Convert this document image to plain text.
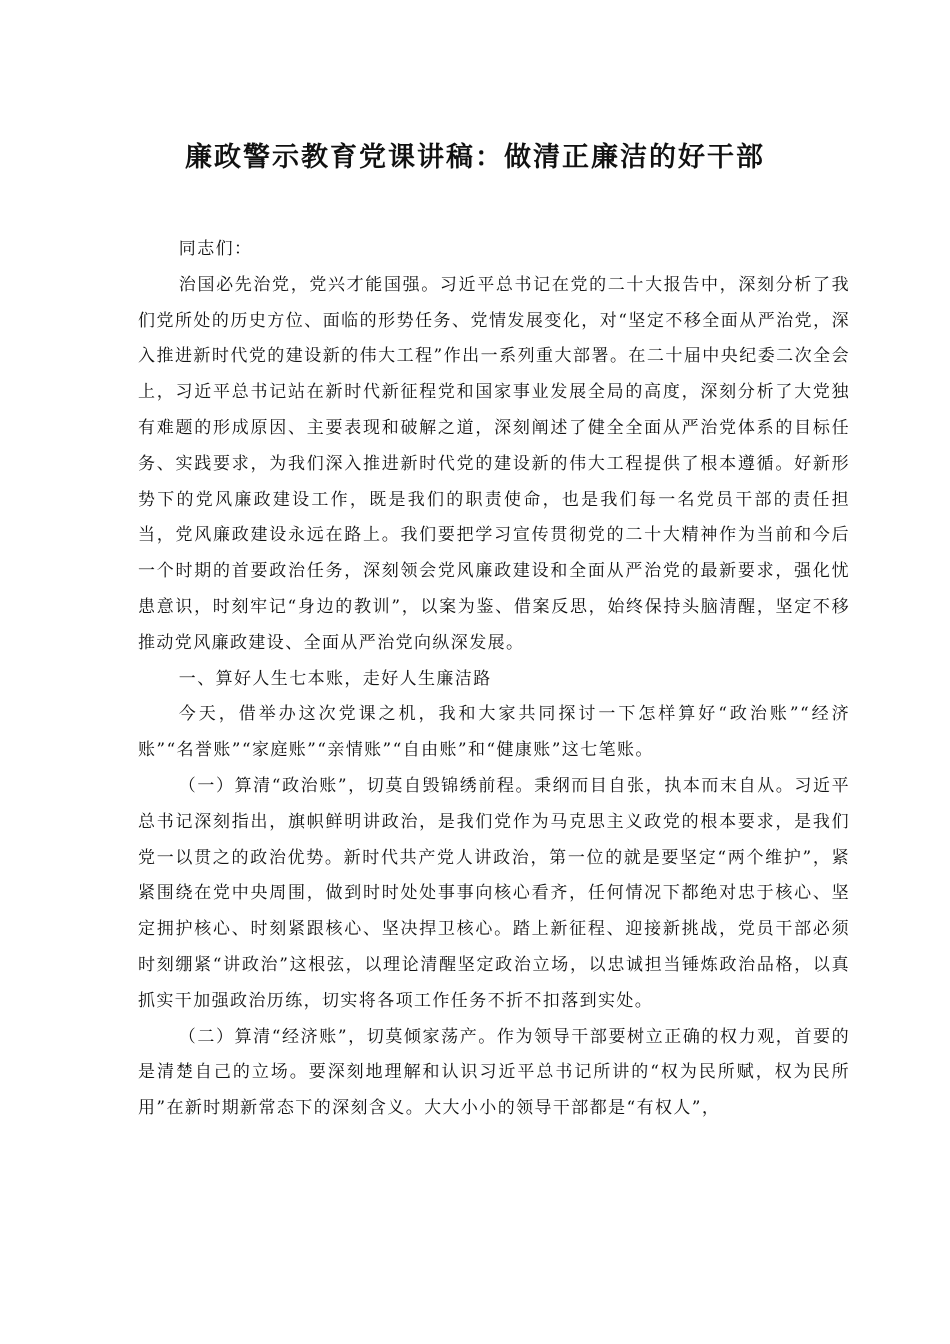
廉政警示教育党课讲稿：做清正廉洁的好干部

同志们：

治国必先治党，党兴才能国强。习近平总书记在党的二十大报告中，深刻分析了我们党所处的历史方位、面临的形势任务、党情发展变化，对“坚定不移全面从严治党，深入推进新时代党的建设新的伟大工程”作出一系列重大部署。在二十届中央纪委二次全会上，习近平总书记站在新时代新征程党和国家事业发展全局的高度，深刻分析了大党独有难题的形成原因、主要表现和破解之道，深刻阐述了健全全面从严治党体系的目标任务、实践要求，为我们深入推进新时代党的建设新的伟大工程提供了根本遵循。好新形势下的党风廉政建设工作，既是我们的职责使命，也是我们每一名党员干部的责任担当，党风廉政建设永远在路上。我们要把学习宣传贯彻党的二十大精神作为当前和今后一个时期的首要政治任务，深刻领会党风廉政建设和全面从严治党的最新要求，强化忧患意识，时刻牢记“身边的教训”，以案为鉴、借案反思，始终保持头脑清醒，坚定不移推动党风廉政建设、全面从严治党向纵深发展。

一、算好人生七本账，走好人生廉洁路

今天，借举办这次党课之机，我和大家共同探讨一下怎样算好“政治账”“经济账”“名誉账”“家庭账”“亲情账”“自由账”和“健康账”这七笔账。

（一）算清“政治账”，切莫自毁锦绣前程。秉纲而目自张，执本而末自从。习近平总书记深刻指出，旗帜鲜明讲政治，是我们党作为马克思主义政党的根本要求，是我们党一以贯之的政治优势。新时代共产党人讲政治，第一位的就是要坚定“两个维护”，紧紧围绕在党中央周围，做到时时处处事事向核心看齐，任何情况下都绝对忠于核心、坚定拥护核心、时刻紧跟核心、坚决捍卫核心。踏上新征程、迎接新挑战，党员干部必须时刻绷紧“讲政治”这根弦，以理论清醒坚定政治立场，以忠诚担当锤炼政治品格，以真抓实干加强政治历练，切实将各项工作任务不折不扣落到实处。

（二）算清“经济账”，切莫倾家荡产。作为领导干部要树立正确的权力观，首要的是清楚自己的立场。要深刻地理解和认识习近平总书记所讲的“权为民所赋，权为民所用”在新时期新常态下的深刻含义。大大小小的领导干部都是“有权人”，
